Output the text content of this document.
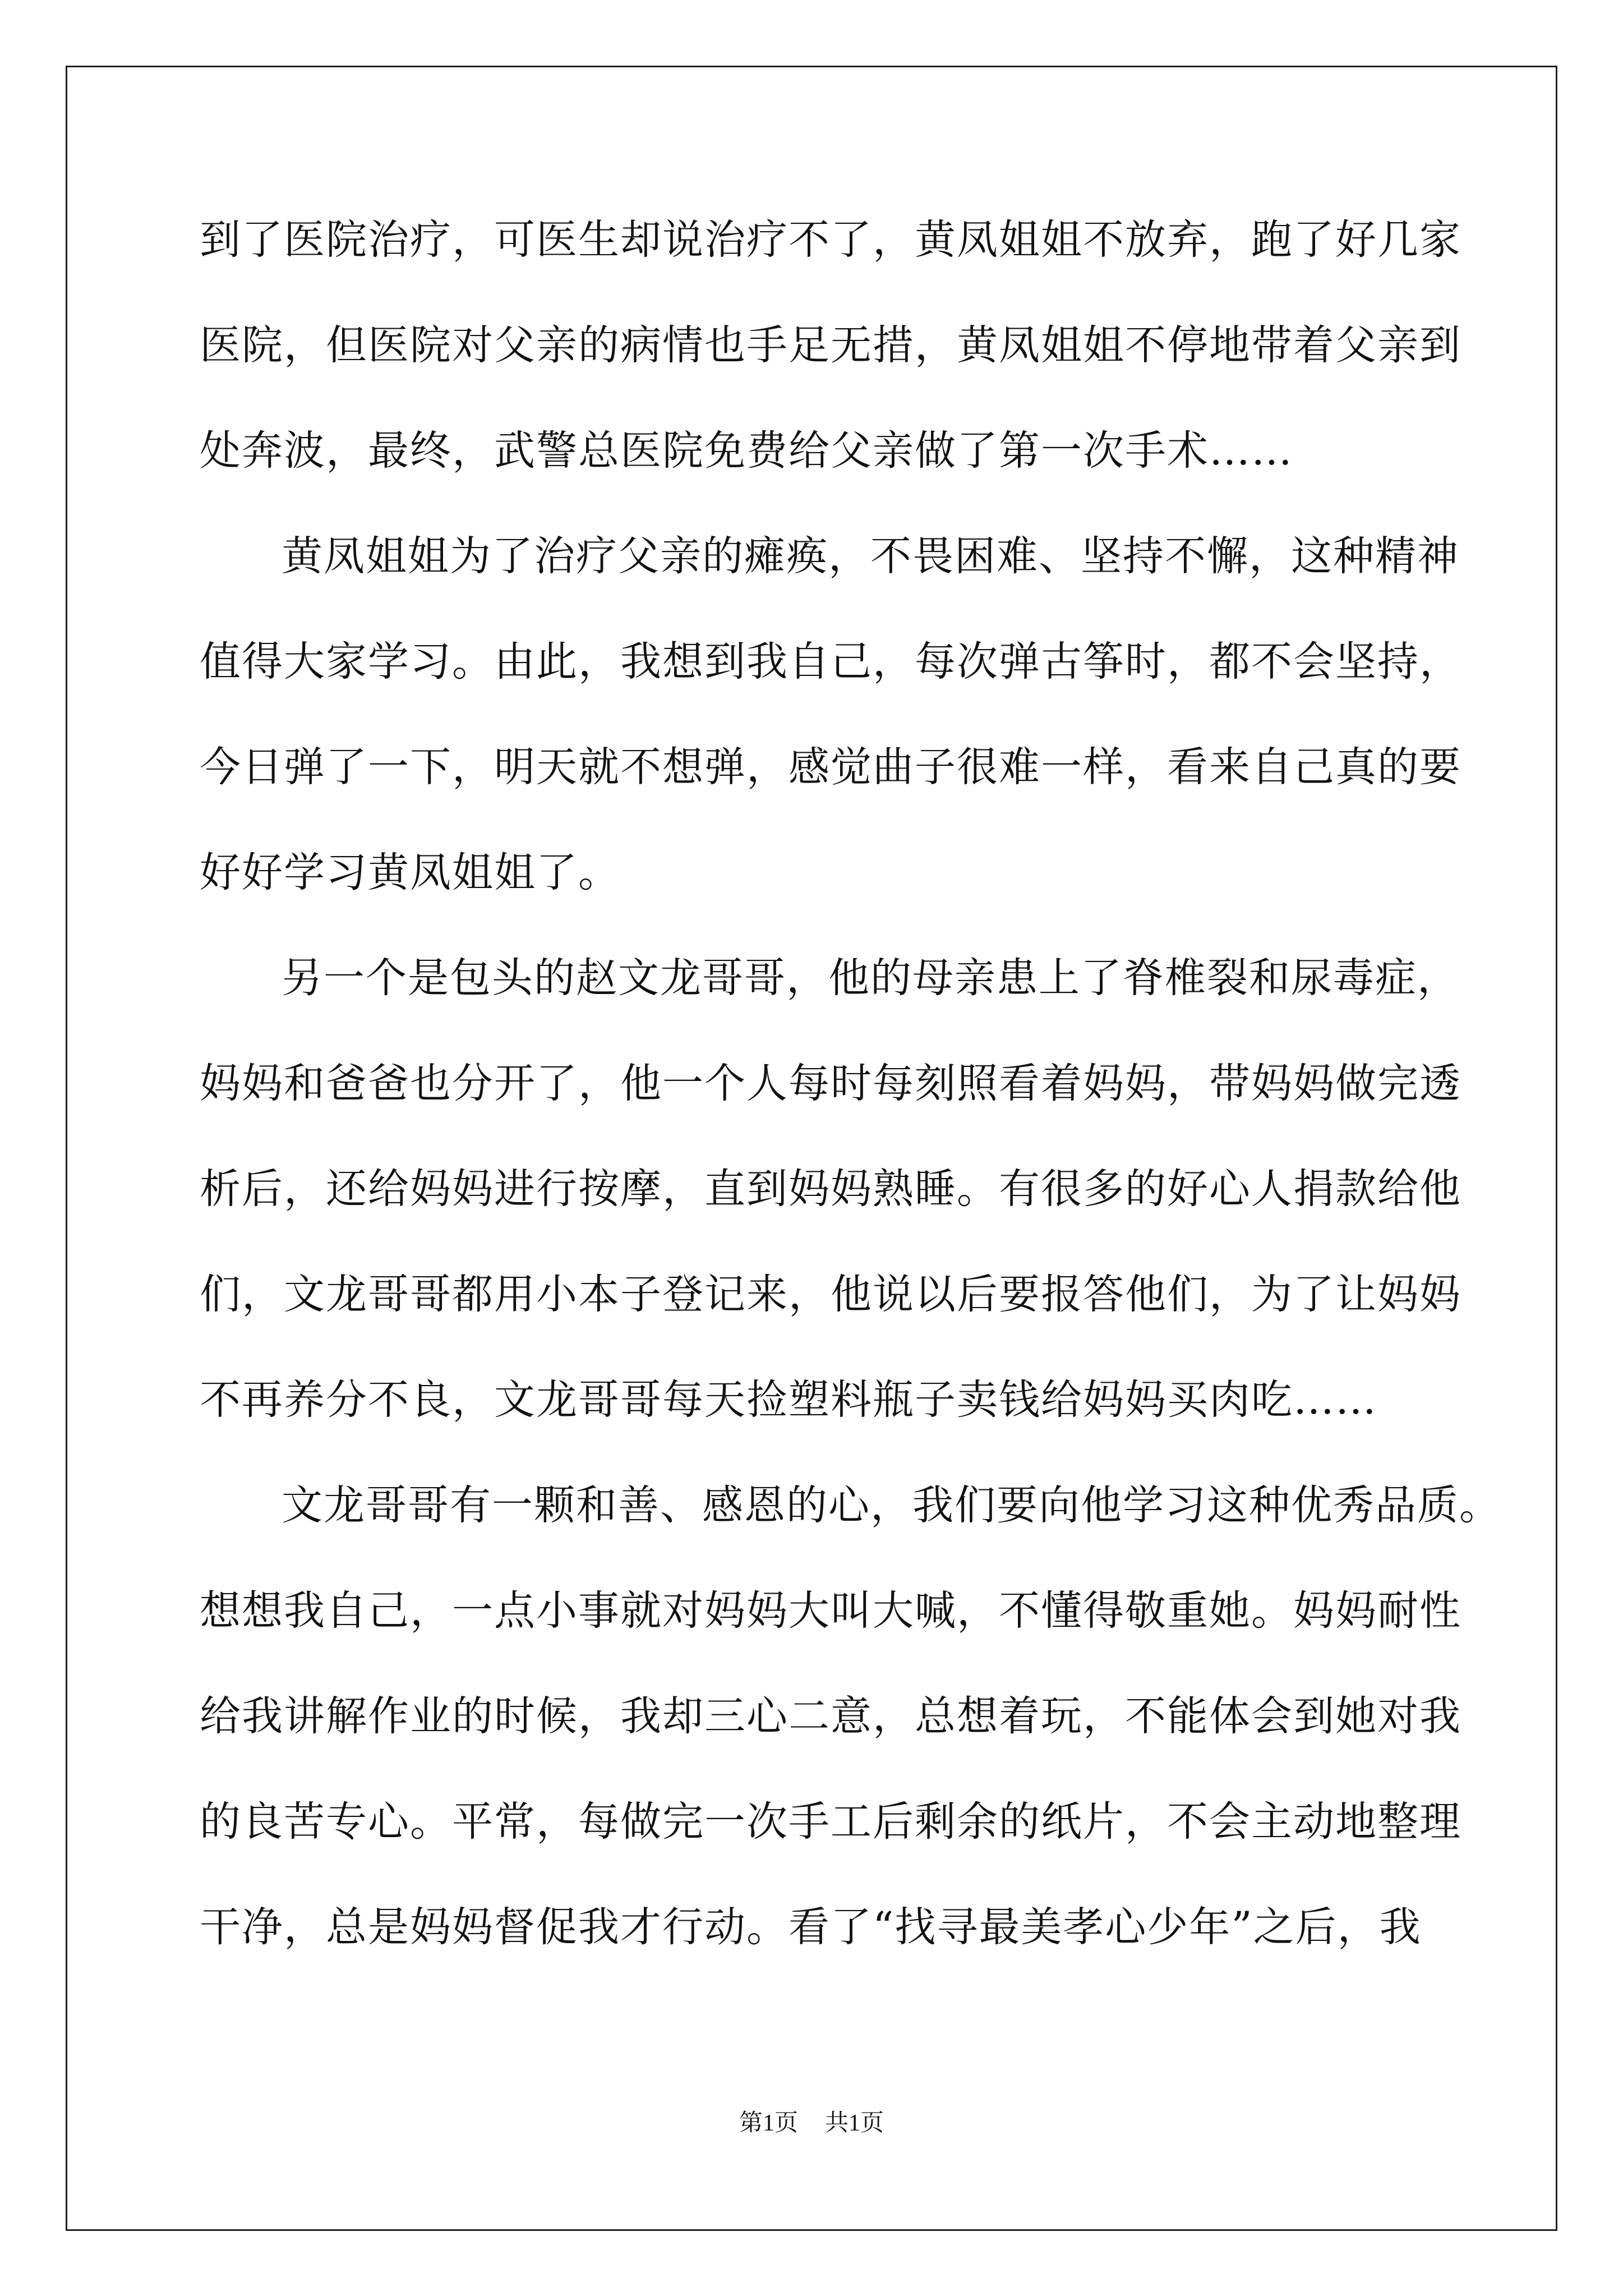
到了医院治疗，可医生却说治疗不了，黄凤姐姐不放弃，跑了好几家
医院，但医院对父亲的病情也手足无措，黄凤姐姐不停地带着父亲到
处奔波，最终，武警总医院免费给父亲做了第一次手术……
黄凤姐姐为了治疗父亲的瘫痪，不畏困难、坚持不懈，这种精神
值得大家学习。由此，我想到我自己，每次弹古筝时，都不会坚持，
今日弹了一下，明天就不想弹，感觉曲子很难一样，看来自己真的要
好好学习黄凤姐姐了。
另一个是包头的赵文龙哥哥，他的母亲患上了脊椎裂和尿毒症，
妈妈和爸爸也分开了，他一个人每时每刻照看着妈妈，带妈妈做完透
析后，还给妈妈进行按摩，直到妈妈熟睡。有很多的好心人捐款给他
们，文龙哥哥都用小本子登记来，他说以后要报答他们，为了让妈妈
不再养分不良，文龙哥哥每天捡塑料瓶子卖钱给妈妈买肉吃……
文龙哥哥有一颗和善、感恩的心，我们要向他学习这种优秀品质。
想想我自己，一点小事就对妈妈大叫大喊，不懂得敬重她。妈妈耐性
给我讲解作业的时候，我却三心二意，总想着玩，不能体会到她对我
的良苦专心。平常，每做完一次手工后剩余的纸片，不会主动地整理
干净，总是妈妈督促我才行动。看了“找寻最美孝心少年”之后，我
第1页 共1页
